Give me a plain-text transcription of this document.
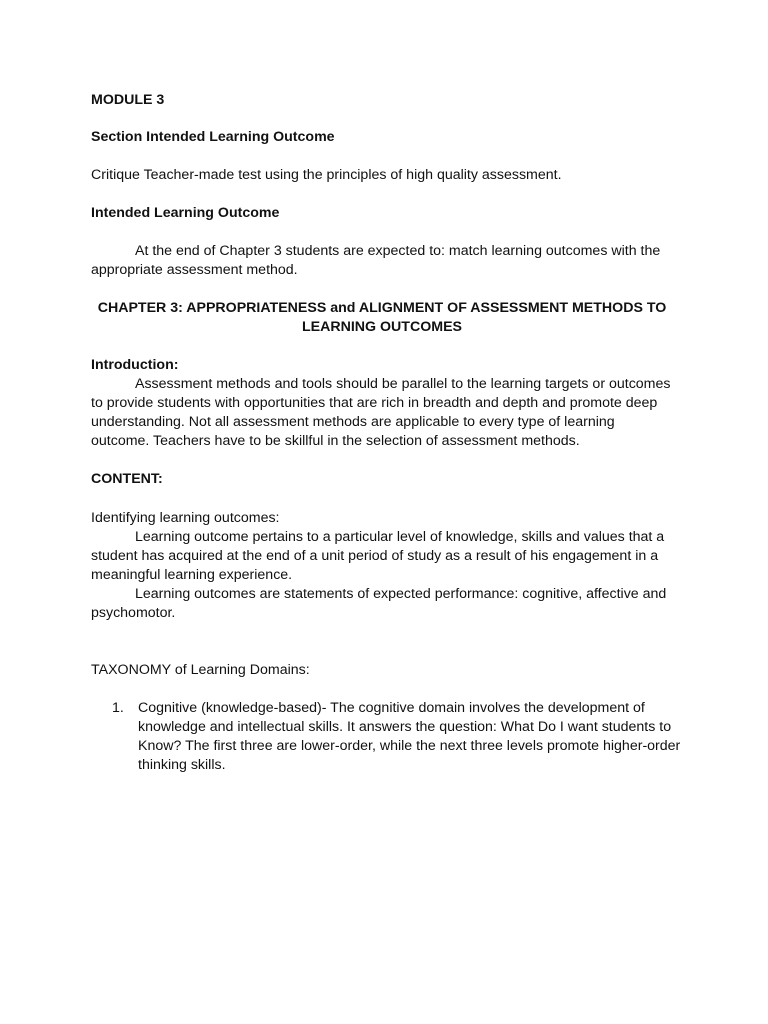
MODULE 3
Section Intended Learning Outcome

Critique Teacher-made test using the principles of high quality assessment.

Intended Learning Outcome

At the end of Chapter 3 students are expected to: match learning outcomes with the appropriate assessment method.

CHAPTER 3: APPROPRIATENESS and ALIGNMENT OF ASSESSMENT METHODS TO LEARNING OUTCOMES
Introduction:

Assessment methods and tools should be parallel to the learning targets or outcomes to provide students with opportunities that are rich in breadth and depth and promote deep understanding. Not all assessment methods are applicable to every type of learning outcome. Teachers have to be skillful in the selection of assessment methods.

CONTENT:

Identifying learning outcomes:

Learning outcome pertains to a particular level of knowledge, skills and values that a student has acquired at the end of a unit period of study as a result of his engagement in a meaningful learning experience.

Learning outcomes are statements of expected performance: cognitive, affective and psychomotor.

TAXONOMY of Learning Domains:

1. Cognitive (knowledge-based)- The cognitive domain involves the development of knowledge and intellectual skills. It answers the question: What Do I want students to Know? The first three are lower-order, while the next three levels promote higher-order thinking skills.
